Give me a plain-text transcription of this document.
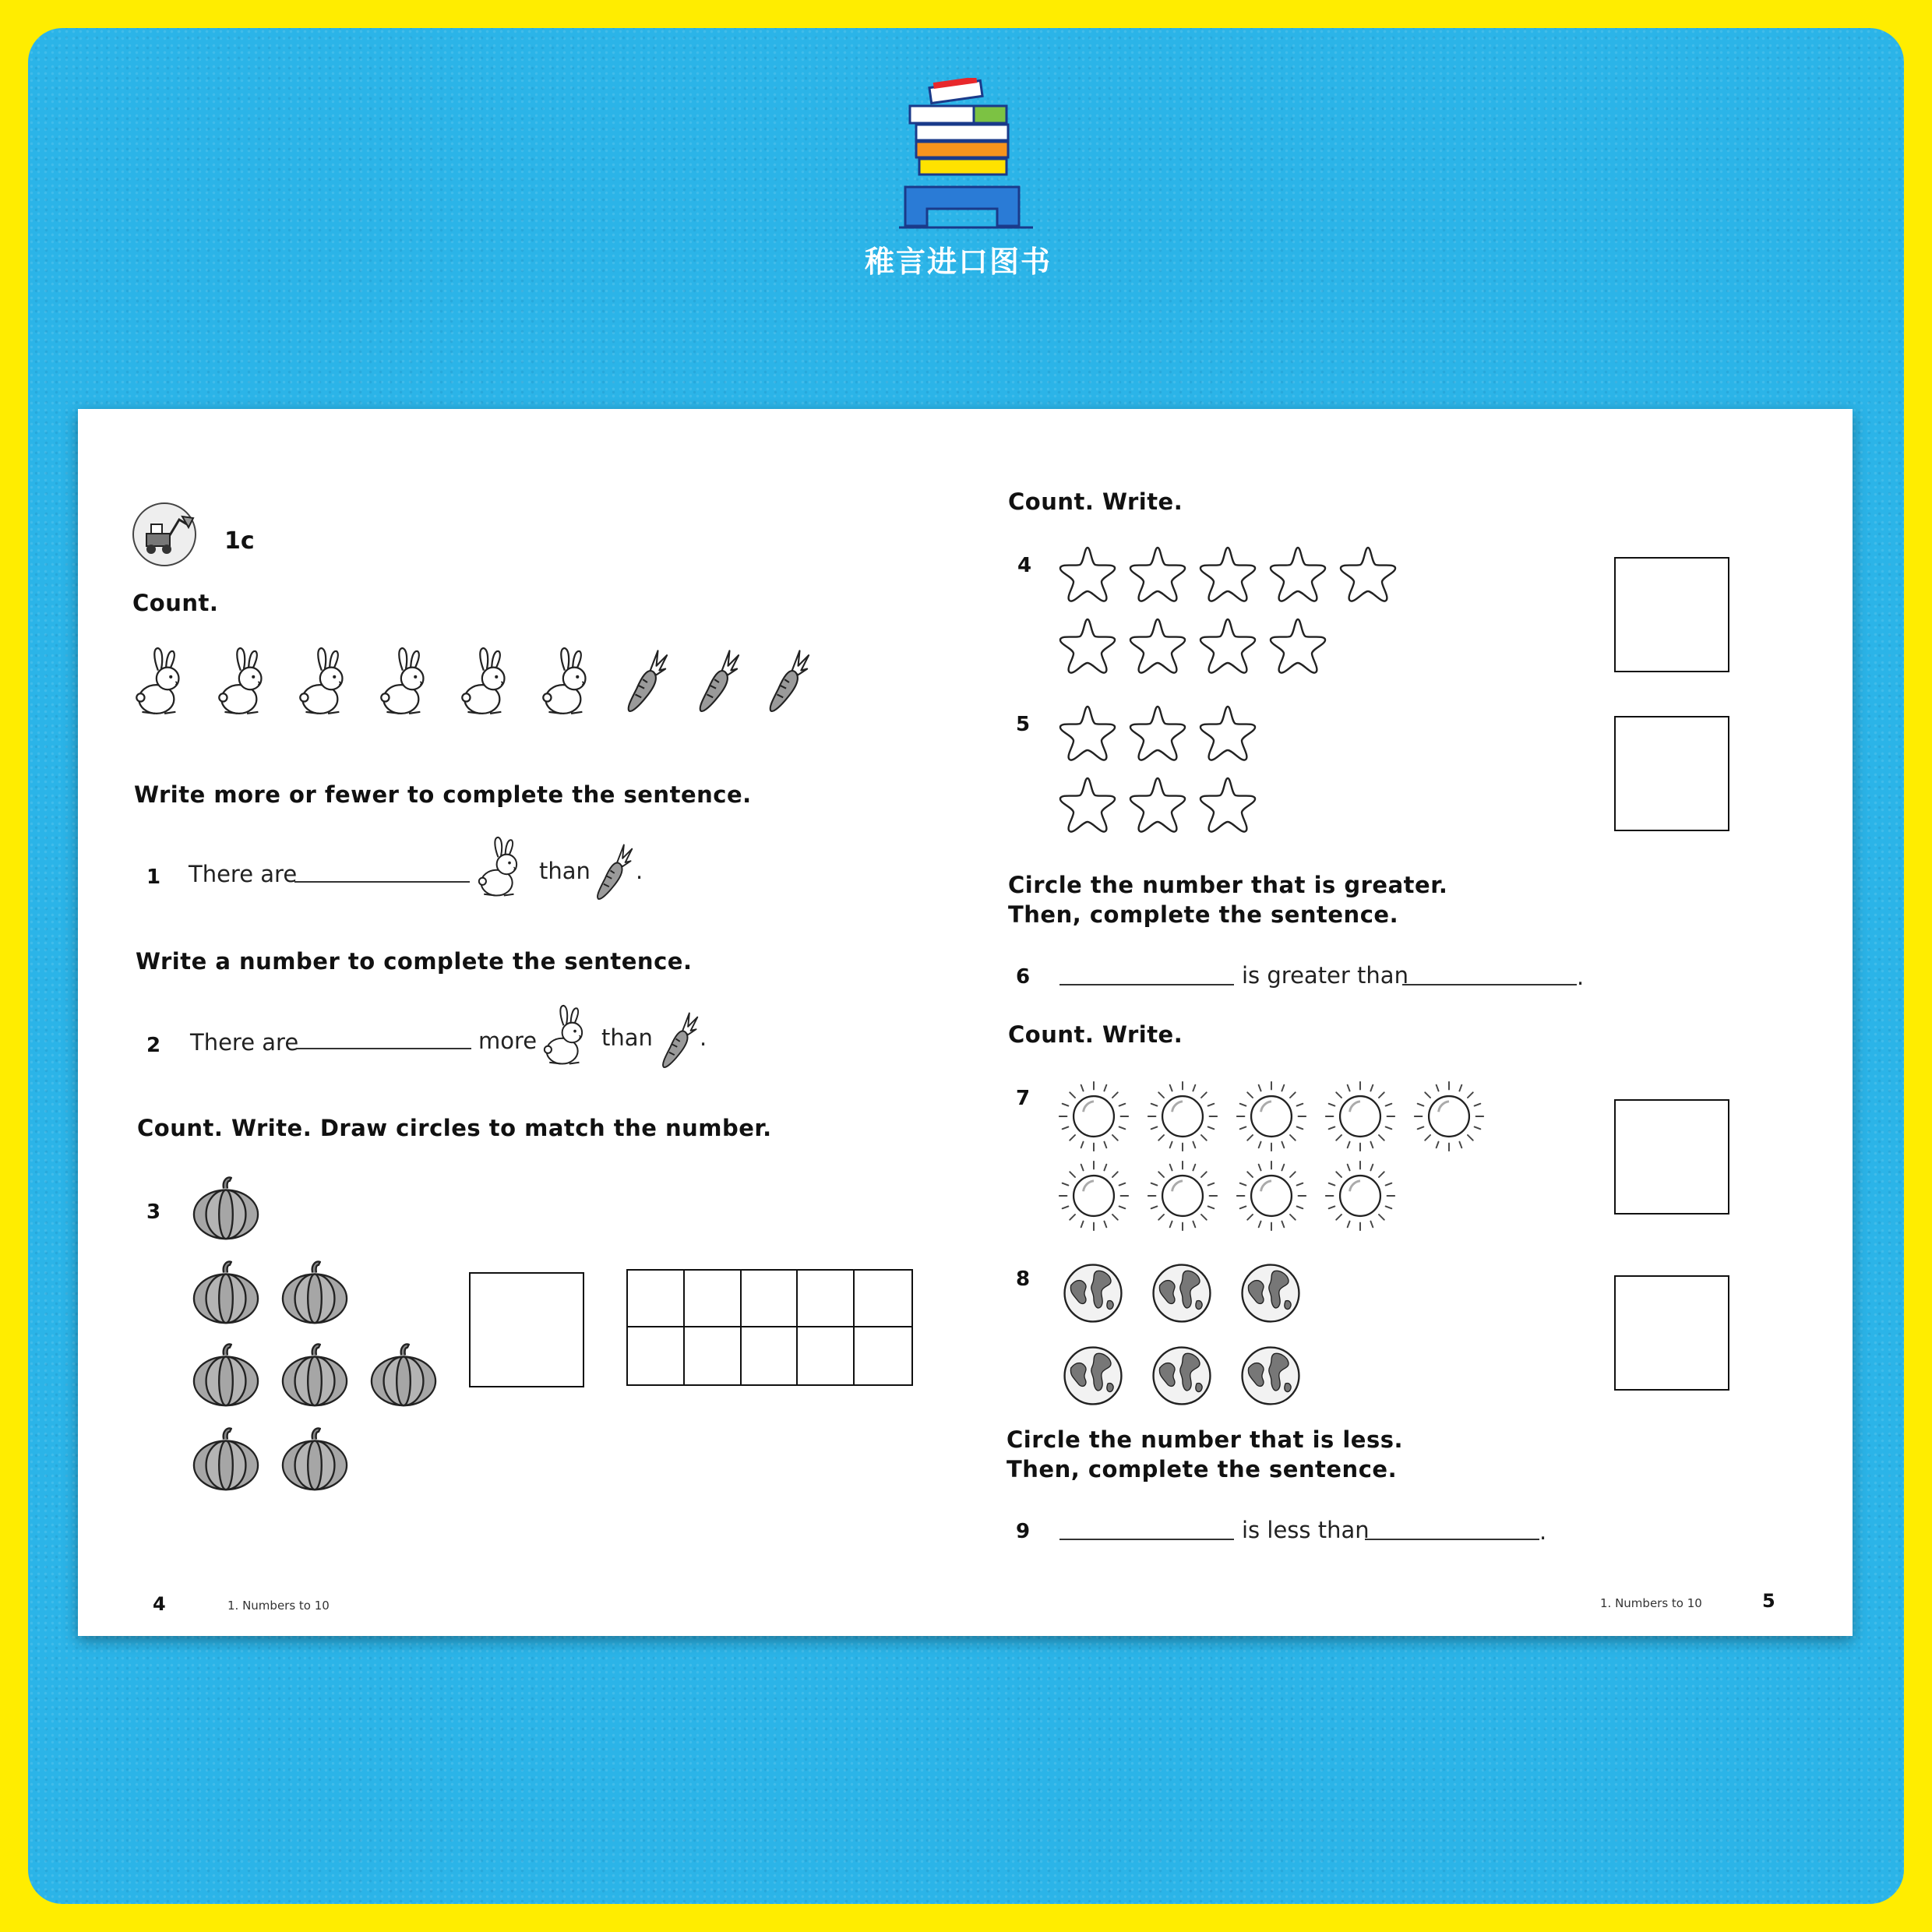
稚言进口图书
1c
Count.
Write more or fewer to complete the sentence.
1 There are	than .
Write a number to complete the sentence.
2 There are	more	than .
Count. Write. Draw circles to match the number.
3
4	1. Numbers to 10
Count. Write.
4
5
Circle the number that is greater.
Then, complete the sentence.
6	is greater than	.
Count. Write.
7
8
Circle the number that is less.
Then, complete the sentence.
9	is less than	.
1. Numbers to 10	5
